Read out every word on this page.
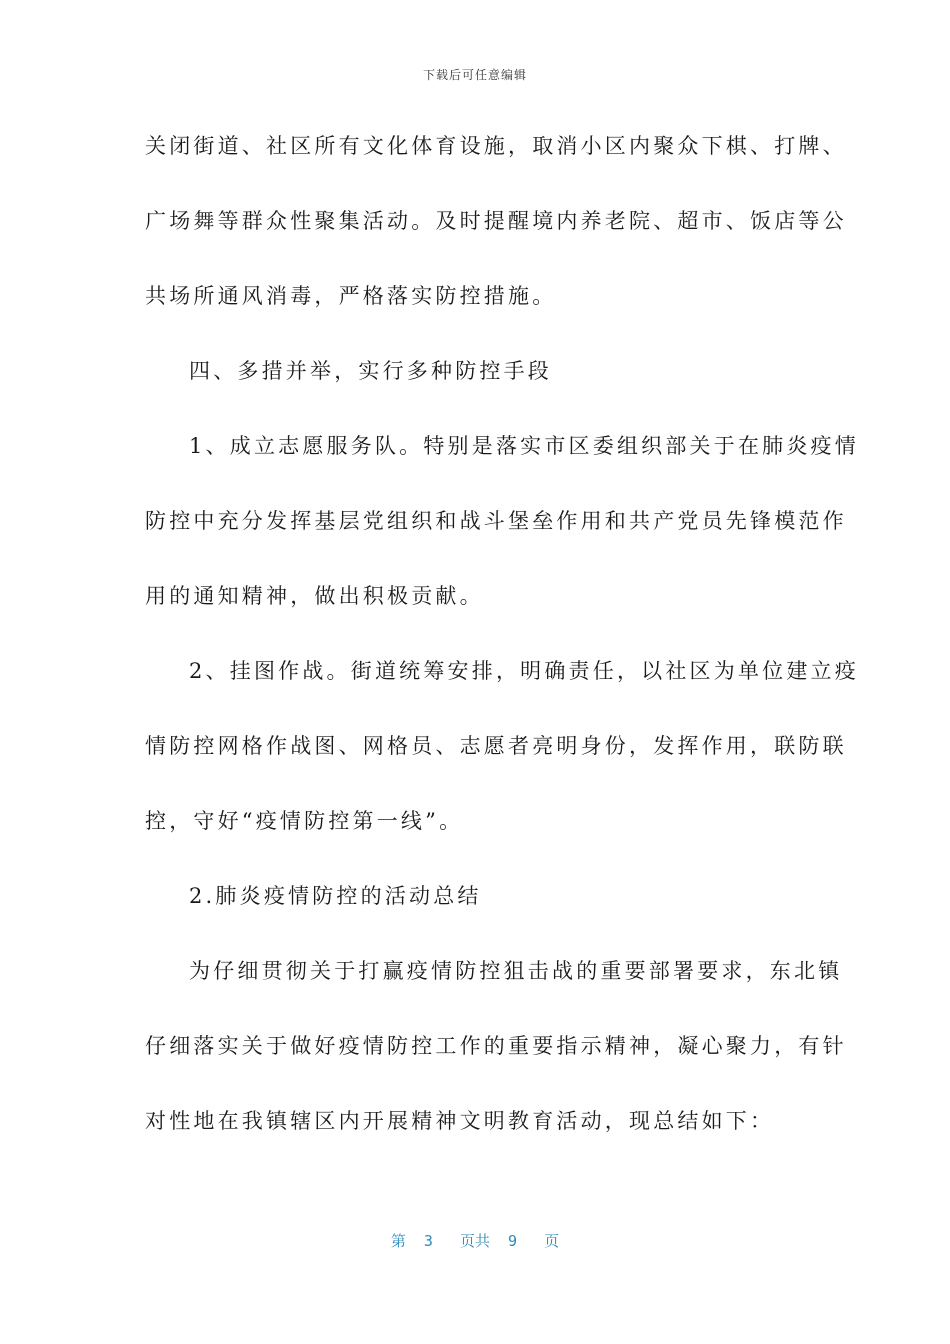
下载后可任意编辑
关闭街道、社区所有文化体育设施，取消小区内聚众下棋、打牌、
广场舞等群众性聚集活动。及时提醒境内养老院、超市、饭店等公
共场所通风消毒，严格落实防控措施。
四、多措并举，实行多种防控手段
1、成立志愿服务队。特别是落实市区委组织部关于在肺炎疫情
防控中充分发挥基层党组织和战斗堡垒作用和共产党员先锋模范作
用的通知精神，做出积极贡献。
2、挂图作战。街道统筹安排，明确责任，以社区为单位建立疫
情防控网格作战图、网格员、志愿者亮明身份，发挥作用，联防联
控，守好“疫情防控第一线”。
2.肺炎疫情防控的活动总结
为仔细贯彻关于打赢疫情防控狙击战的重要部署要求，东北镇
仔细落实关于做好疫情防控工作的重要指示精神，凝心聚力，有针
对性地在我镇辖区内开展精神文明教育活动，现总结如下：
第  3   页共  9   页
